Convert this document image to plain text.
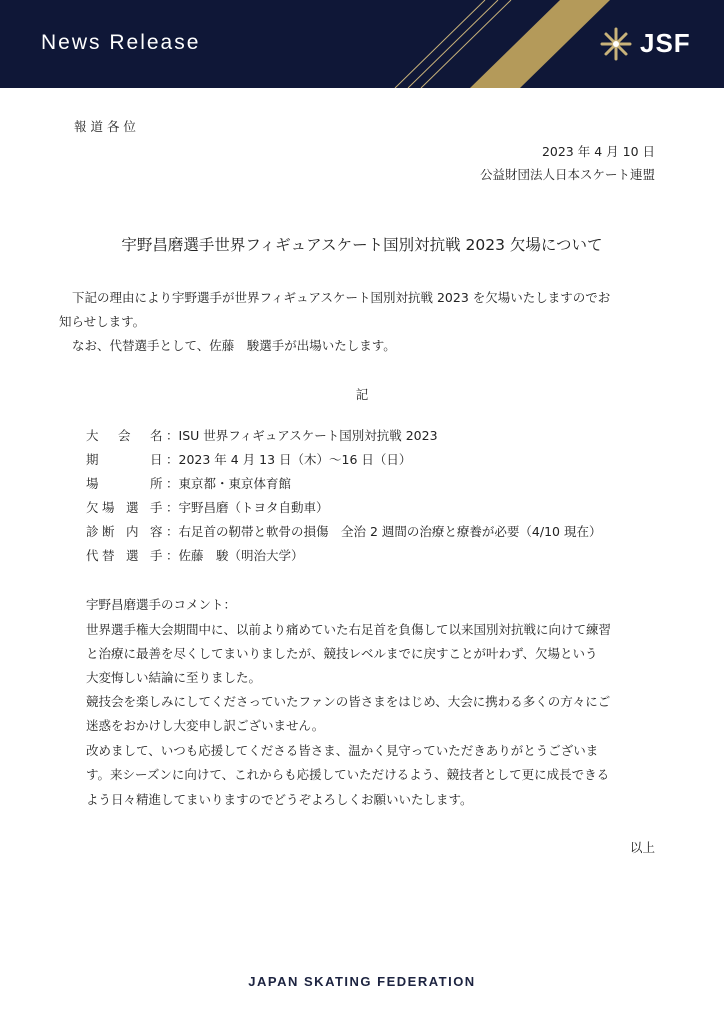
News Release	JSF
報 道 各 位
2023 年 4 月 10 日
公益財団法人日本スケート連盟
宇野昌磨選手世界フィギュアスケート国別対抗戦 2023 欠場について
下記の理由により宇野選手が世界フィギュアスケート国別対抗戦 2023 を欠場いたしますのでお
知らせします。
なお、代替選手として、佐藤　駿選手が出場いたします。
記
大 会 名 ：ISU 世界フィギュアスケート国別対抗戦 2023
期	日 ：2023 年 4 月 13 日（木）～16 日（日）
場	所 ：東京都・東京体育館
欠 場 選 手 ：宇野昌磨（トヨタ自動車）
診 断 内 容 ：右足首の靭帯と軟骨の損傷　全治 2 週間の治療と療養が必要（4/10 現在）
代 替 選 手 ：佐藤　駿（明治大学）
宇野昌磨選手のコメント：
世界選手権大会期間中に、以前より痛めていた右足首を負傷して以来国別対抗戦に向けて練習
と治療に最善を尽くしてまいりましたが、競技レベルまでに戻すことが叶わず、欠場という
大変悔しい結論に至りました。
競技会を楽しみにしてくださっていたファンの皆さまをはじめ、大会に携わる多くの方々にご
迷惑をおかけし大変申し訳ございません。
改めまして、いつも応援してくださる皆さま、温かく見守っていただきありがとうございま
す。来シーズンに向けて、これからも応援していただけるよう、競技者として更に成長できる
よう日々精進してまいりますのでどうぞよろしくお願いいたします。
以上
JAPAN SKATING FEDERATION
